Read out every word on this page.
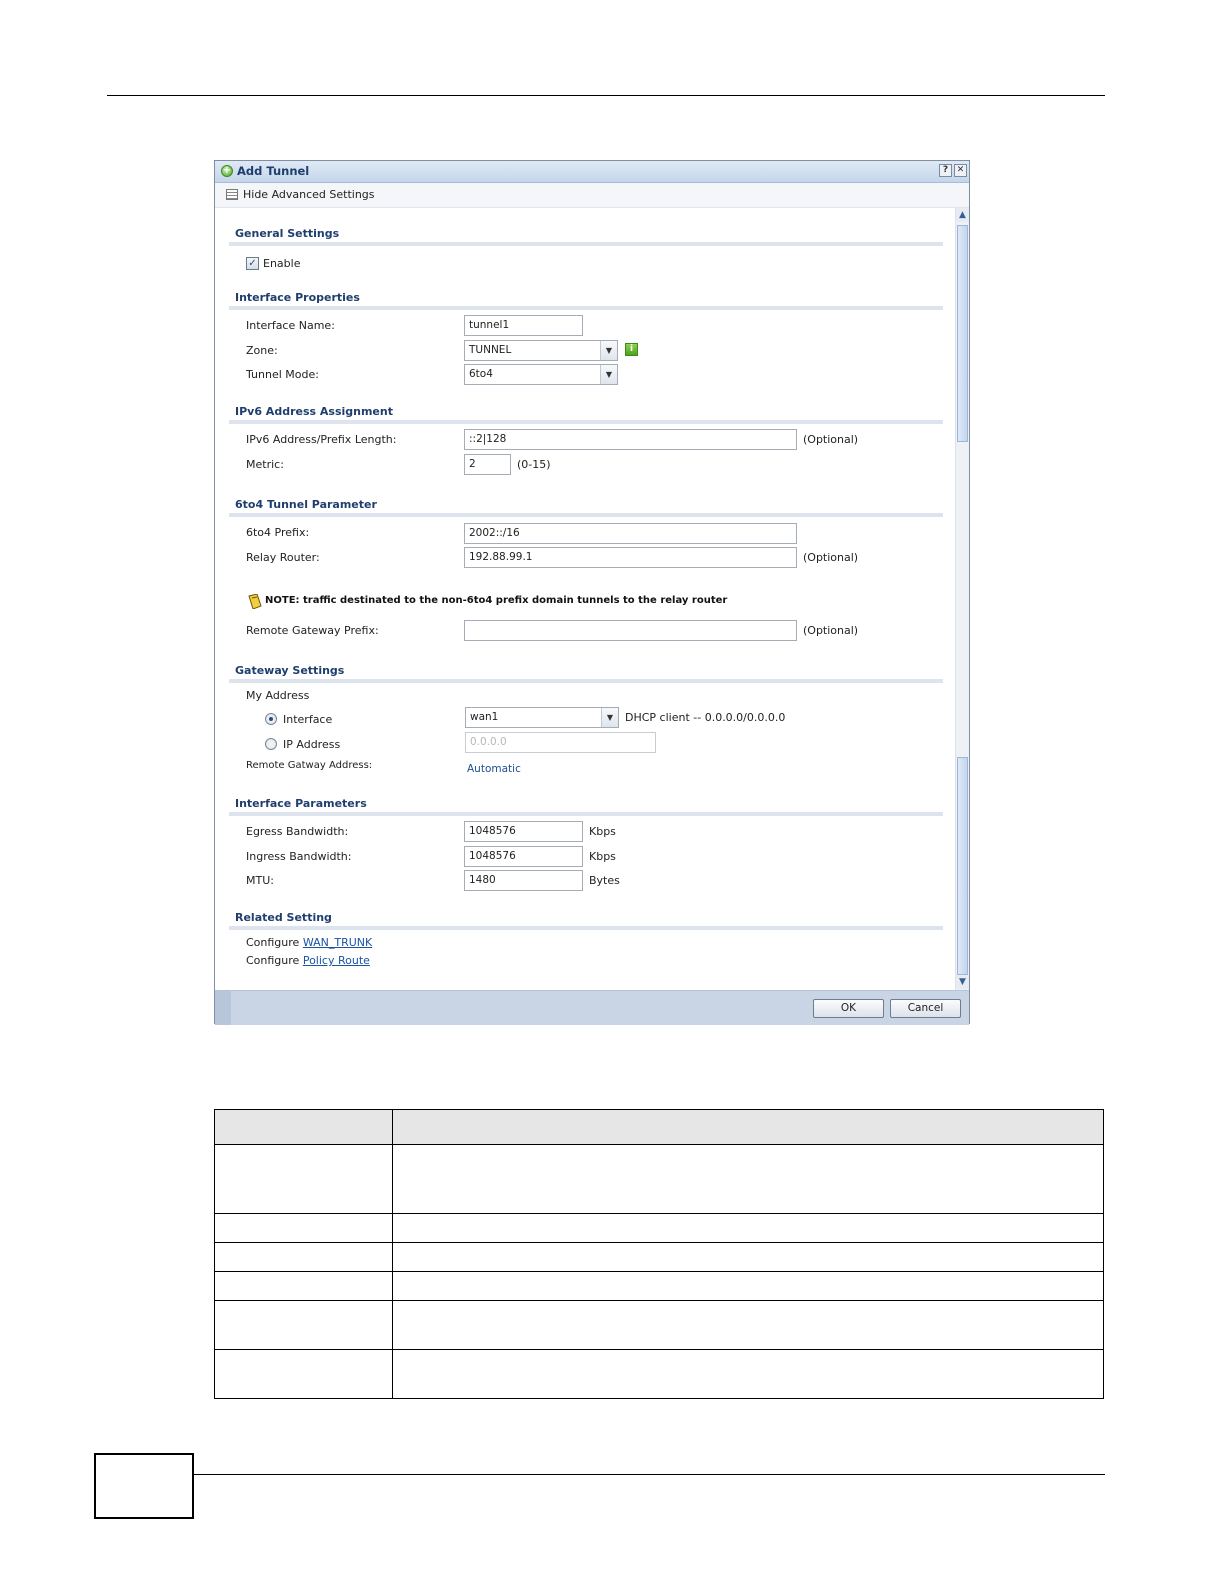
+ Add Tunnel	? ✕
Hide Advanced Settings
General Settings
✓ Enable
Interface Properties
Interface Name:	tunnel1
Zone:	TUNNEL	▼	i
Tunnel Mode:	6to4	▼
IPv6 Address Assignment
IPv6 Address/Prefix Length:	::2|128	(Optional)
Metric:	2	(0-15)
6to4 Tunnel Parameter
6to4 Prefix:	2002::/16
Relay Router:	192.88.99.1	(Optional)
NOTE: traffic destinated to the non-6to4 prefix domain tunnels to the relay router
Remote Gateway Prefix:	(Optional)
Gateway Settings
My Address
Interface	wan1	▼	DHCP client -- 0.0.0.0/0.0.0.0
IP Address	0.0.0.0
Remote Gatway Address:	Automatic
Interface Parameters
Egress Bandwidth:	1048576	Kbps
Ingress Bandwidth:	1048576	Kbps
MTU:	1480	Bytes
Related Setting
Configure WAN_TRUNK
Configure Policy Route
▲
▼
OK	Cancel
